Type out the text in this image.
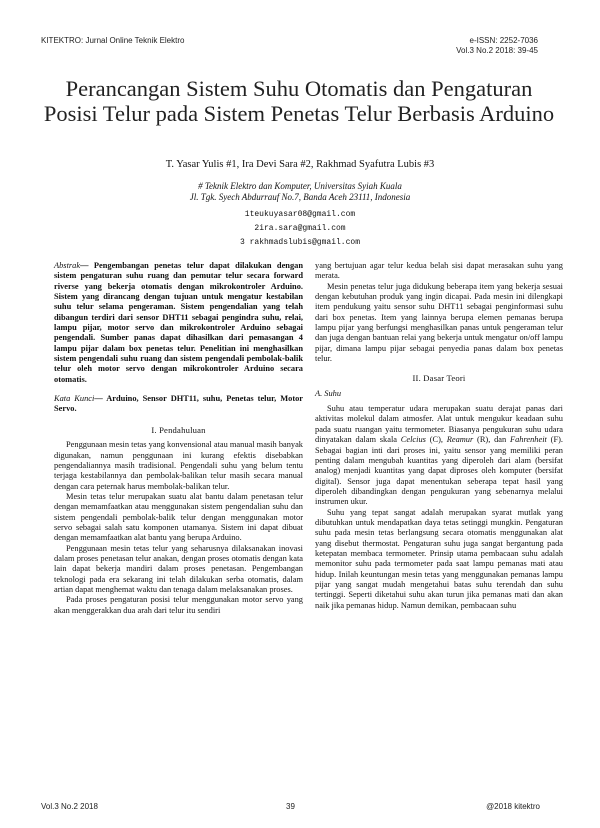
KITEKTRO: Jurnal Online Teknik Elektro	e-ISSN: 2252-7036
Vol.3 No.2 2018: 39-45
Perancangan Sistem Suhu Otomatis dan Pengaturan Posisi Telur pada Sistem Penetas Telur Berbasis Arduino
T. Yasar Yulis #1, Ira Devi Sara #2, Rakhmad Syafutra Lubis #3
# Teknik Elektro dan Komputer, Universitas Syiah Kuala
Jl. Tgk. Syech Abdurrauf No.7, Banda Aceh 23111, Indonesia
1teukuyasar08@gmail.com
2ira.sara@gmail.com
3 rakhmadslubis@gmail.com

Abstrak— Pengembangan penetas telur dapat dilakukan dengan sistem pengaturan suhu ruang dan pemutar telur secara forward riverse yang bekerja otomatis dengan mikrokontroler Arduino. Sistem yang dirancang dengan tujuan untuk mengatur kestabilan suhu telur selama pengeraman. Sistem pengendalian yang telah dibangun terdiri dari sensor DHT11 sebagai pengindra suhu, relai, lampu pijar, motor servo dan mikrokontroler Arduino sebagai pengendali. Sumber panas dapat dihasilkan dari pemasangan 4 lampu pijar dalam box penetas telur. Penelitian ini menghasilkan sistem pengendali suhu ruang dan sistem pengendali pembolak-balik telur oleh motor servo dengan mikrokontroler Arduino secara otomatis.

Kata Kunci— Arduino, Sensor DHT11, suhu, Penetas telur, Motor Servo.

I. Pendahuluan

Penggunaan mesin tetas yang konvensional atau manual masih banyak digunakan, namun penggunaan ini kurang efektis disebabkan pengendaliannya masih tradisional. Pengendali suhu yang belum tentu terjaga kestabilannya dan pembolak-balikan telur masih secara manual dengan cara peternak harus membolak-balikan telur.

Mesin tetas telur merupakan suatu alat bantu dalam penetasan telur dengan memamfaatkan atau menggunakan sistem pengendalian suhu dan sistem pengendali pembolak-balik telur dengan menggunakan motor servo sebagai salah satu komponen utamanya. Sistem ini dapat dibuat dengan memamfaatkan alat bantu yang berupa Arduino.

Penggunaan mesin tetas telur yang seharusnya dilaksanakan inovasi dalam proses penetasan telur anakan, dengan proses otomatis dengan kata lain dapat bekerja mandiri dalam proses penetasan. Pengembangan teknologi pada era sekarang ini telah dilakukan serba otomatis, dalam artian dapat menghemat waktu dan tenaga dalam melaksanakan proses.

Pada proses pengaturan posisi telur menggunakan motor servo yang akan menggerakkan dua arah dari telur itu sendiri

yang bertujuan agar telur kedua belah sisi dapat merasakan suhu yang merata.

Mesin penetas telur juga didukung beberapa item yang bekerja sesuai dengan kebutuhan produk yang ingin dicapai. Pada mesin ini dilengkapi item pendukung yaitu sensor suhu DHT11 sebagai penginformasi suhu dari box penetas. Item yang lainnya berupa elemen pemanas berupa lampu pijar yang berfungsi menghasilkan panas untuk pengeraman telur dan juga dengan bantuan relai yang bekerja untuk mengatur on/off lampu pijar, dimana lampu pijar sebagai penyedia panas dalam box penetas telur.

II. Dasar Teori

A. Suhu

Suhu atau temperatur udara merupakan suatu derajat panas dari aktivitas molekul dalam atmosfer. Alat untuk mengukur keadaan suhu pada suatu ruangan yaitu termometer. Biasanya pengukuran suhu udara dinyatakan dalam skala Celcius (C), Reamur (R), dan Fahrenheit (F). Sebagai bagian inti dari proses ini, yaitu sensor yang memiliki peran penting dalam mengubah kuantitas yang diperoleh dari alam (bersifat analog) menjadi kuantitas yang dapat diproses oleh komputer (bersifat digital). Sensor juga dapat menentukan seberapa tepat hasil yang diperoleh dibandingkan dengan pengukuran yang sebenarnya melalui instrumen ukur.

Suhu yang tepat sangat adalah merupakan syarat mutlak yang dibutuhkan untuk mendapatkan daya tetas setinggi mungkin. Pengaturan suhu pada mesin tetas berlangsung secara otomatis menggunakan alat yang disebut thermostat. Pengaturan suhu juga sangat bergantung pada ketepatan membaca termometer. Prinsip utama pembacaan suhu adalah memonitor suhu pada termometer pada saat lampu pemanas mati atau hidup. Inilah keuntungan mesin tetas yang menggunakan pemanas lampu pijar yang sangat mudah mengetahui batas suhu terendah dan suhu tertinggi. Seperti diketahui suhu akan turun jika pemanas mati dan akan naik jika pemanas hidup. Namun demikan, pembacaan suhu

Vol.3 No.2 2018	39	@2018 kitektro
